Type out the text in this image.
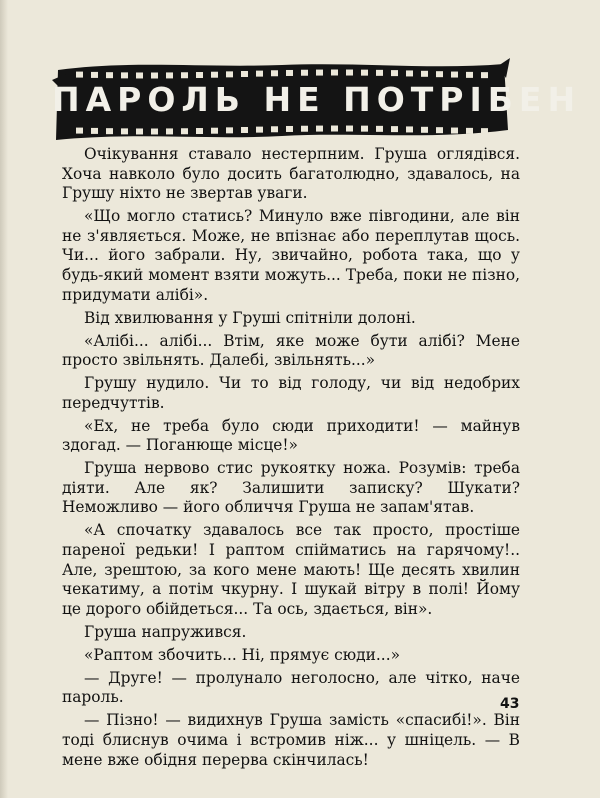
ПАРОЛЬ НЕ ПОТРІБЕН

Очікування ставало нестерпним. Груша оглядівся. Хоча навколо було досить багатолюдно, здавалось, на Грушу ніхто не звертав уваги.

«Що могло статись? Минуло вже півгодини, але він не з'являється. Може, не впізнає або переплутав щось. Чи... його забрали. Ну, звичайно, робота така, що у будь-який момент взяти можуть... Треба, поки не пізно, придумати алібі».

Від хвилювання у Груші спітніли долоні.

«Алібі... алібі... Втім, яке може бути алібі? Мене просто звільнять. Далебі, звільнять...»

Грушу нудило. Чи то від голоду, чи від недобрих передчуттів.

«Ех, не треба було сюди приходити! — майнув здогад. — Поганюще місце!»

Груша нервово стис рукоятку ножа. Розумів: треба діяти. Але як? Залишити записку? Шукати? Неможливо — його обличчя Груша не запам'ятав.

«А спочатку здавалось все так просто, простіше пареної редьки! І раптом спійматись на гарячому!.. Але, зрештою, за кого мене мають! Ще десять хвилин чекатиму, а потім чкурну. І шукай вітру в полі! Йому це дорого обійдеться... Та ось, здається, він».

Груша напружився.

«Раптом збочить... Ні, прямує сюди...»

— Друге! — пролунало неголосно, але чітко, наче пароль.

— Пізно! — видихнув Груша замість «спасибі!». Він тоді блиснув очима і встромив ніж... у шніцель. — В мене вже обідня перерва скінчилась!

43
